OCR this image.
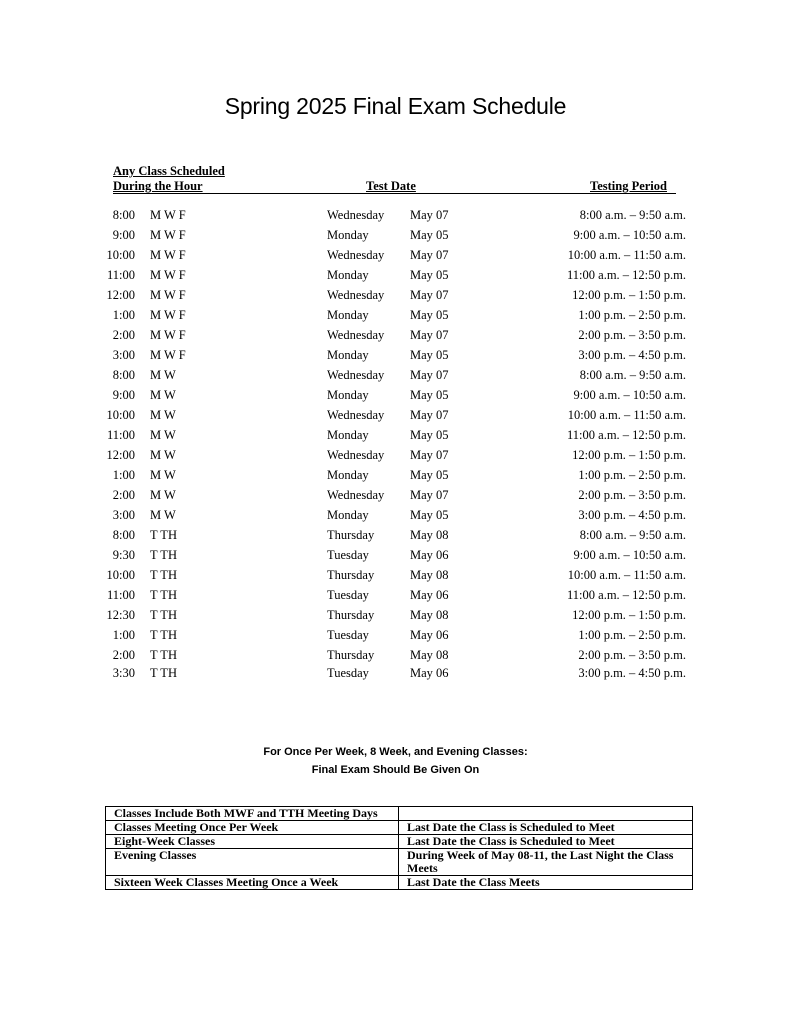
Spring 2025 Final Exam Schedule
Any Class Scheduled
During the Hour	Test Date	Testing Period
8:00 M W F	Wednesday May 07	8:00 a.m. – 9:50 a.m.
9:00 M W F	Monday	May 05	9:00 a.m. – 10:50 a.m.
10:00 M W F	Wednesday May 07	10:00 a.m. – 11:50 a.m.
11:00 M W F	Monday	May 05	11:00 a.m. – 12:50 p.m.
12:00 M W F	Wednesday May 07	12:00 p.m. – 1:50 p.m.
1:00 M W F	Monday	May 05	1:00 p.m. – 2:50 p.m.
2:00 M W F	Wednesday May 07	2:00 p.m. – 3:50 p.m.
3:00 M W F	Monday	May 05	3:00 p.m. – 4:50 p.m.
8:00 M W	Wednesday May 07	8:00 a.m. – 9:50 a.m.
9:00 M W	Monday	May 05	9:00 a.m. – 10:50 a.m.
10:00 M W	Wednesday May 07	10:00 a.m. – 11:50 a.m.
11:00 M W	Monday	May 05	11:00 a.m. – 12:50 p.m.
12:00 M W	Wednesday May 07	12:00 p.m. – 1:50 p.m.
1:00 M W	Monday	May 05	1:00 p.m. – 2:50 p.m.
2:00 M W	Wednesday May 07	2:00 p.m. – 3:50 p.m.
3:00 M W	Monday	May 05	3:00 p.m. – 4:50 p.m.
8:00 T TH	Thursday	May 08	8:00 a.m. – 9:50 a.m.
9:30 T TH	Tuesday	May 06	9:00 a.m. – 10:50 a.m.
10:00 T TH	Thursday	May 08	10:00 a.m. – 11:50 a.m.
11:00 T TH	Tuesday	May 06	11:00 a.m. – 12:50 p.m.
12:30 T TH	Thursday	May 08	12:00 p.m. – 1:50 p.m.
1:00 T TH	Tuesday	May 06	1:00 p.m. – 2:50 p.m.
2:00 T TH	Thursday	May 08	2:00 p.m. – 3:50 p.m.
3:30 T TH	Tuesday	May 06	3:00 p.m. – 4:50 p.m.
For Once Per Week, 8 Week, and Evening Classes:
Final Exam Should Be Given On
Classes Include Both MWF and TTH Meeting Days	
Classes Meeting Once Per Week	Last Date the Class is Scheduled to Meet
Eight-Week Classes	Last Date the Class is Scheduled to Meet
Evening Classes	During Week of May 08-11, the Last Night the Class Meets
Sixteen Week Classes Meeting Once a Week	Last Date the Class Meets
